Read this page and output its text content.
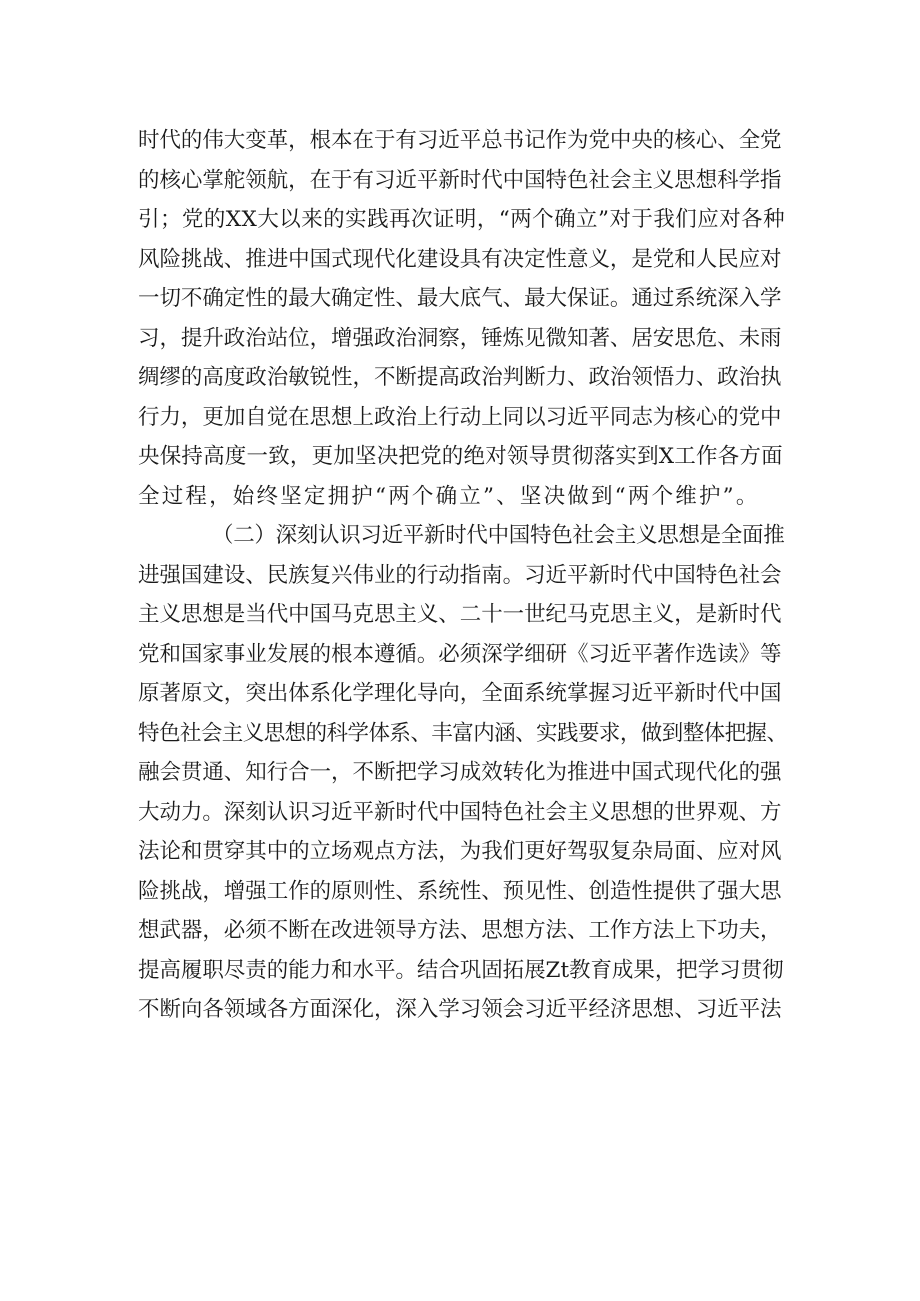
时代的伟大变革，根本在于有习近平总书记作为党中央的核心、全党
的核心掌舵领航，在于有习近平新时代中国特色社会主义思想科学指
引；党的XX大以来的实践再次证明，“两个确立”对于我们应对各种
风险挑战、推进中国式现代化建设具有决定性意义，是党和人民应对
一切不确定性的最大确定性、最大底气、最大保证。通过系统深入学
习，提升政治站位，增强政治洞察，锤炼见微知著、居安思危、未雨
绸缪的高度政治敏锐性，不断提高政治判断力、政治领悟力、政治执
行力，更加自觉在思想上政治上行动上同以习近平同志为核心的党中
央保持高度一致，更加坚决把党的绝对领导贯彻落实到X工作各方面
全过程，始终坚定拥护“两个确立”、坚决做到“两个维护”。
（二）深刻认识习近平新时代中国特色社会主义思想是全面推
进强国建设、民族复兴伟业的行动指南。习近平新时代中国特色社会
主义思想是当代中国马克思主义、二十一世纪马克思主义，是新时代
党和国家事业发展的根本遵循。必须深学细研《习近平著作选读》等
原著原文，突出体系化学理化导向，全面系统掌握习近平新时代中国
特色社会主义思想的科学体系、丰富内涵、实践要求，做到整体把握、
融会贯通、知行合一，不断把学习成效转化为推进中国式现代化的强
大动力。深刻认识习近平新时代中国特色社会主义思想的世界观、方
法论和贯穿其中的立场观点方法，为我们更好驾驭复杂局面、应对风
险挑战，增强工作的原则性、系统性、预见性、创造性提供了强大思
想武器，必须不断在改进领导方法、思想方法、工作方法上下功夫，
提高履职尽责的能力和水平。结合巩固拓展Zt教育成果，把学习贯彻
不断向各领域各方面深化，深入学习领会习近平经济思想、习近平法
